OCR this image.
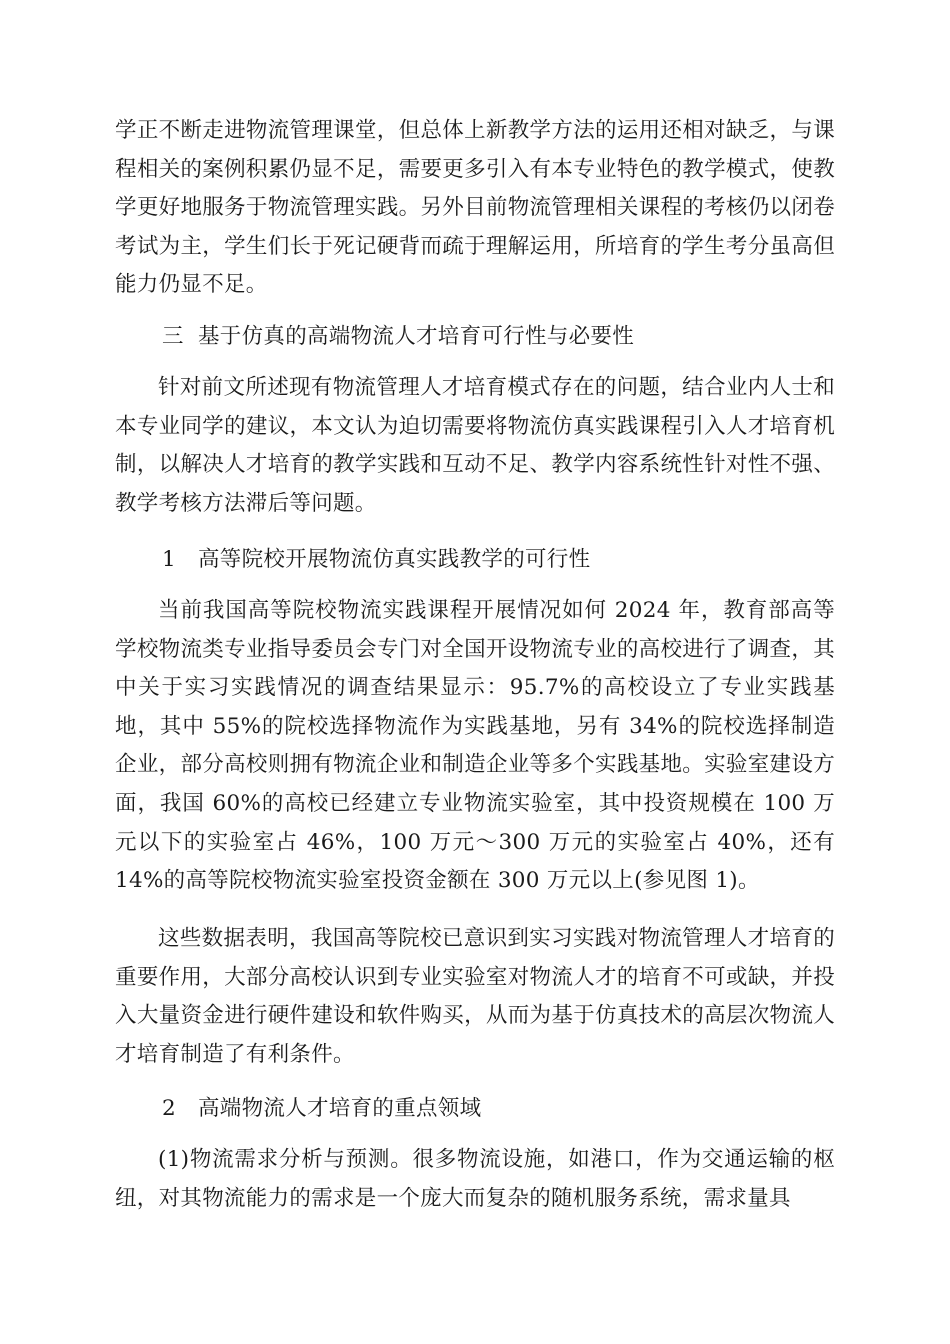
学正不断走进物流管理课堂，但总体上新教学方法的运用还相对缺乏，与课程相关的案例积累仍显不足，需要更多引入有本专业特色的教学模式，使教学更好地服务于物流管理实践。另外目前物流管理相关课程的考核仍以闭卷考试为主，学生们长于死记硬背而疏于理解运用，所培育的学生考分虽高但能力仍显不足。

三 基于仿真的高端物流人才培育可行性与必要性

针对前文所述现有物流管理人才培育模式存在的问题，结合业内人士和本专业同学的建议，本文认为迫切需要将物流仿真实践课程引入人才培育机制，以解决人才培育的教学实践和互动不足、教学内容系统性针对性不强、教学考核方法滞后等问题。

1 高等院校开展物流仿真实践教学的可行性

当前我国高等院校物流实践课程开展情况如何 2024 年，教育部高等学校物流类专业指导委员会专门对全国开设物流专业的高校进行了调查，其中关于实习实践情况的调查结果显示：95.7%的高校设立了专业实践基地，其中 55%的院校选择物流作为实践基地，另有 34%的院校选择制造企业，部分高校则拥有物流企业和制造企业等多个实践基地。实验室建设方面，我国 60%的高校已经建立专业物流实验室，其中投资规模在 100 万元以下的实验室占 46%，100 万元～300 万元的实验室占 40%，还有 14%的高等院校物流实验室投资金额在 300 万元以上(参见图 1)。

这些数据表明，我国高等院校已意识到实习实践对物流管理人才培育的重要作用，大部分高校认识到专业实验室对物流人才的培育不可或缺，并投入大量资金进行硬件建设和软件购买，从而为基于仿真技术的高层次物流人才培育制造了有利条件。

2 高端物流人才培育的重点领域

(1)物流需求分析与预测。很多物流设施，如港口，作为交通运输的枢纽，对其物流能力的需求是一个庞大而复杂的随机服务系统，需求量具
